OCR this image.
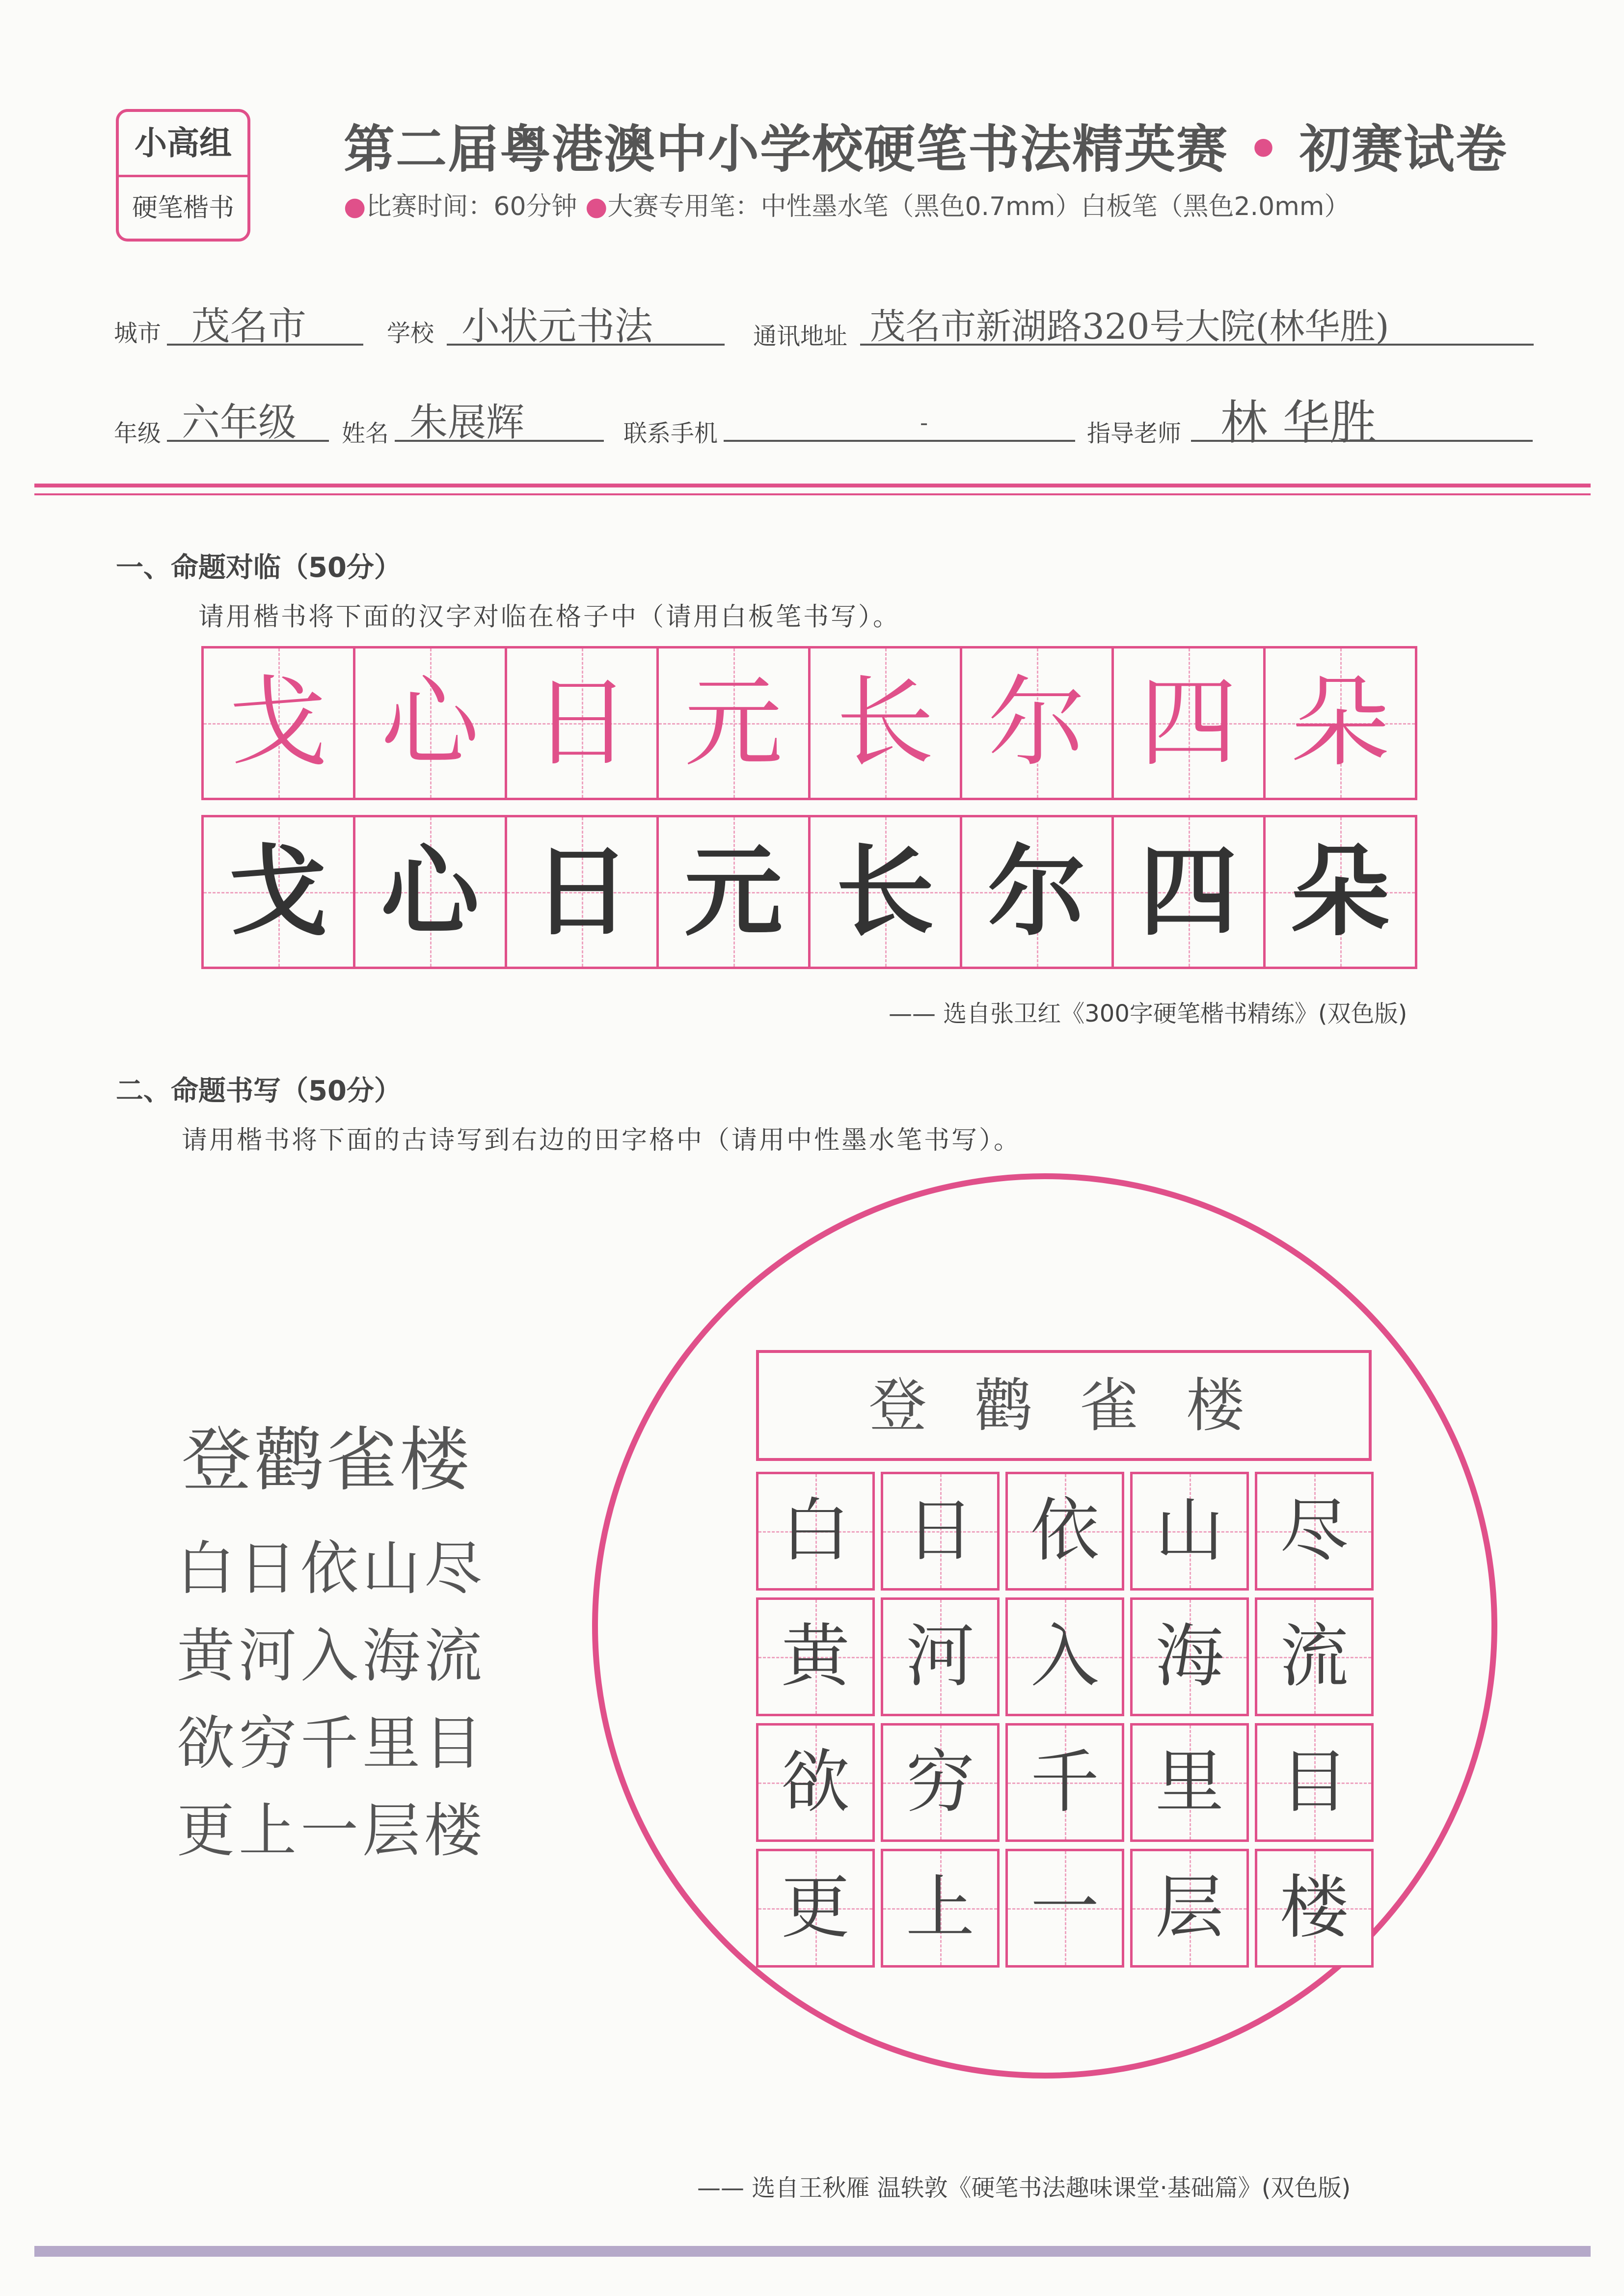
小高组
硬笔楷书
第二届粤港澳中小学校硬笔书法精英赛 • 初赛试卷
●比赛时间：60分钟 ●大赛专用笔：中性墨水笔（黑色0.7mm）白板笔（黑色2.0mm）
城市 茂名市	学校 小状元书法	通讯地址 茂名市新湖路320号大院(林华胜)
年级 六年级	姓名 朱展辉	联系手机	-	指导老师 林 华胜
一、命题对临（50分）
请用楷书将下面的汉字对临在格子中（请用白板笔书写）。
戈 心 日 元 长 尔 四 朵
戈 心 日 元 长 尔 四 朵
—— 选自张卫红《300字硬笔楷书精练》(双色版)
二、命题书写（50分）
请用楷书将下面的古诗写到右边的田字格中（请用中性墨水笔书写）。
登鹳雀楼
白日依山尽
黄河入海流
欲穷千里目
更上一层楼
登 鹳 雀 楼
白 日 依 山 尽
黄 河 入 海 流
欲 穷 千 里 目
更 上 一 层 楼
—— 选自王秋雁 温轶敦《硬笔书法趣味课堂·基础篇》(双色版)
